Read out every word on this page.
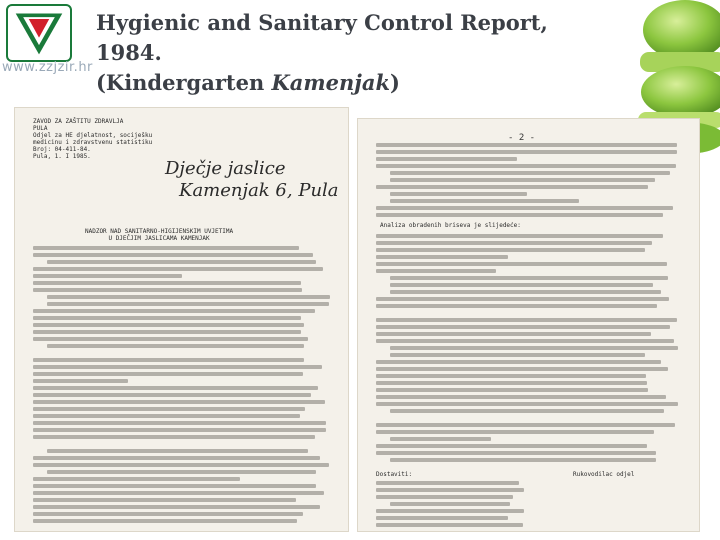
www.zzjzir.hr
Hygienic and Sanitary Control Report, 1984.
(Kindergarten Kamenjak)
ZAVOD ZA ZAŠTITU ZDRAVLJA
PULA
Odjel za HE djelatnost, sociješku
medicinu i zdravstvenu statistiku
Broj: 04-411-84.
Pula, 1. I 1985.
Dječje jaslice
Kamenjak 6, Pula
NADZOR NAD SANITARNO-HIGIJENSKIM UVJETIMA
U DJEČJIM JASLICAMA KAMENJAK
- 2 -
Analiza obradenih briseva je slijedeće:
Dostaviti:	Rukovodilac odjel
